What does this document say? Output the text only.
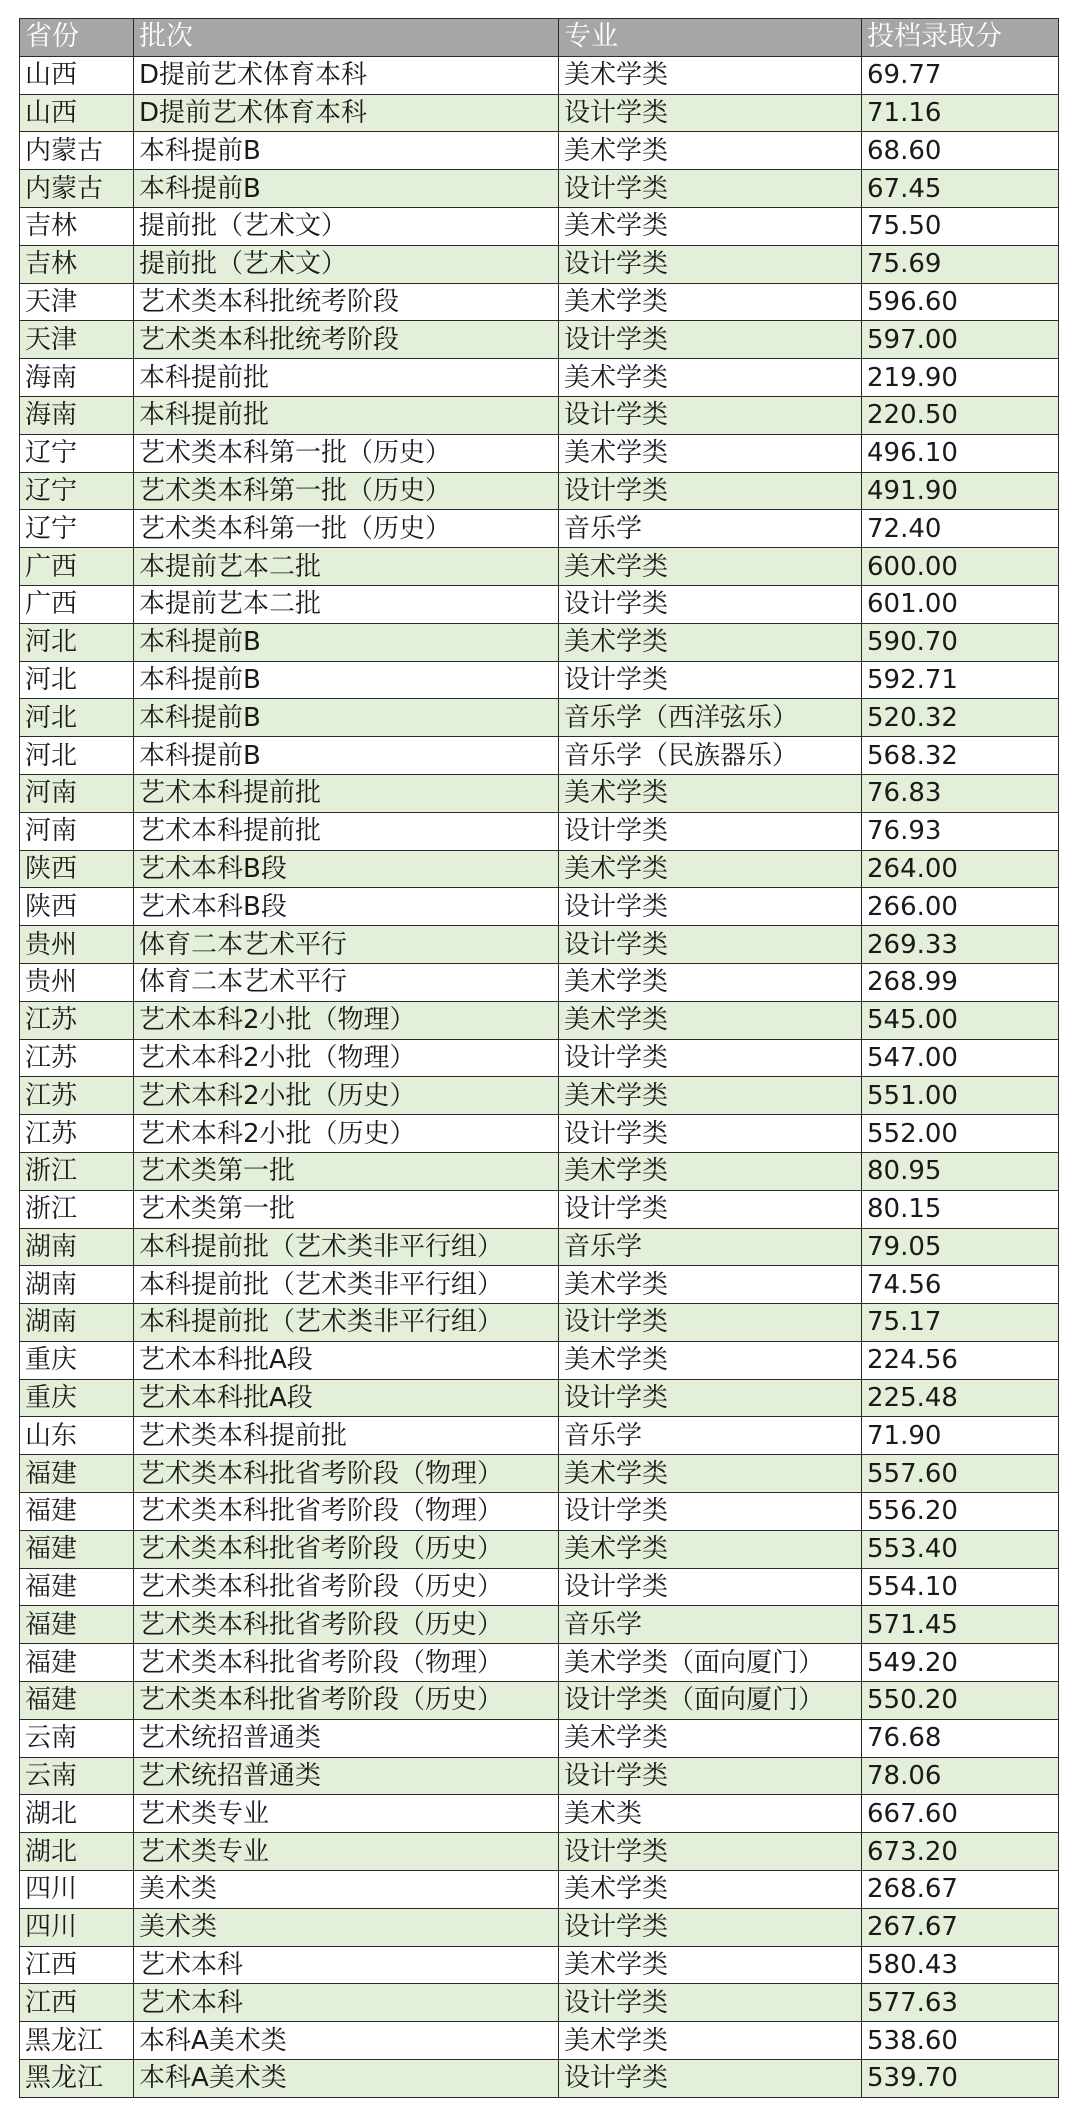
省份	批次	专业	投档录取分
山西	D提前艺术体育本科	美术学类	69.77
山西	D提前艺术体育本科	设计学类	71.16
内蒙古	本科提前B	美术学类	68.60
内蒙古	本科提前B	设计学类	67.45
吉林	提前批（艺术文）	美术学类	75.50
吉林	提前批（艺术文）	设计学类	75.69
天津	艺术类本科批统考阶段	美术学类	596.60
天津	艺术类本科批统考阶段	设计学类	597.00
海南	本科提前批	美术学类	219.90
海南	本科提前批	设计学类	220.50
辽宁	艺术类本科第一批（历史）	美术学类	496.10
辽宁	艺术类本科第一批（历史）	设计学类	491.90
辽宁	艺术类本科第一批（历史）	音乐学	72.40
广西	本提前艺本二批	美术学类	600.00
广西	本提前艺本二批	设计学类	601.00
河北	本科提前B	美术学类	590.70
河北	本科提前B	设计学类	592.71
河北	本科提前B	音乐学（西洋弦乐）	520.32
河北	本科提前B	音乐学（民族器乐）	568.32
河南	艺术本科提前批	美术学类	76.83
河南	艺术本科提前批	设计学类	76.93
陕西	艺术本科B段	美术学类	264.00
陕西	艺术本科B段	设计学类	266.00
贵州	体育二本艺术平行	设计学类	269.33
贵州	体育二本艺术平行	美术学类	268.99
江苏	艺术本科2小批（物理）	美术学类	545.00
江苏	艺术本科2小批（物理）	设计学类	547.00
江苏	艺术本科2小批（历史）	美术学类	551.00
江苏	艺术本科2小批（历史）	设计学类	552.00
浙江	艺术类第一批	美术学类	80.95
浙江	艺术类第一批	设计学类	80.15
湖南	本科提前批（艺术类非平行组）	音乐学	79.05
湖南	本科提前批（艺术类非平行组）	美术学类	74.56
湖南	本科提前批（艺术类非平行组）	设计学类	75.17
重庆	艺术本科批A段	美术学类	224.56
重庆	艺术本科批A段	设计学类	225.48
山东	艺术类本科提前批	音乐学	71.90
福建	艺术类本科批省考阶段（物理）	美术学类	557.60
福建	艺术类本科批省考阶段（物理）	设计学类	556.20
福建	艺术类本科批省考阶段（历史）	美术学类	553.40
福建	艺术类本科批省考阶段（历史）	设计学类	554.10
福建	艺术类本科批省考阶段（历史）	音乐学	571.45
福建	艺术类本科批省考阶段（物理）	美术学类（面向厦门）	549.20
福建	艺术类本科批省考阶段（历史）	设计学类（面向厦门）	550.20
云南	艺术统招普通类	美术学类	76.68
云南	艺术统招普通类	设计学类	78.06
湖北	艺术类专业	美术类	667.60
湖北	艺术类专业	设计学类	673.20
四川	美术类	美术学类	268.67
四川	美术类	设计学类	267.67
江西	艺术本科	美术学类	580.43
江西	艺术本科	设计学类	577.63
黑龙江	本科A美术类	美术学类	538.60
黑龙江	本科A美术类	设计学类	539.70
